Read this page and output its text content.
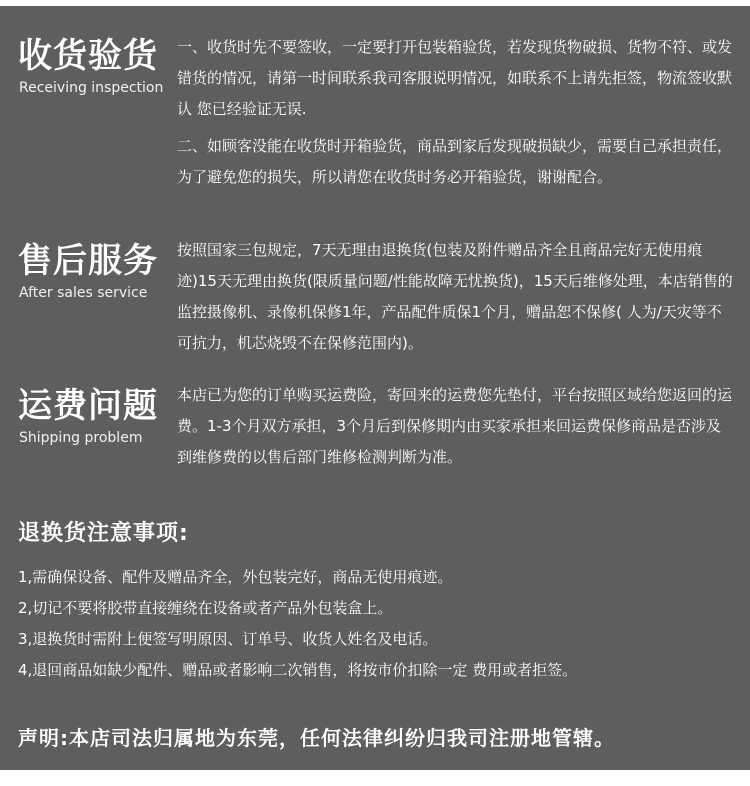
收货验货
Receiving inspection

一、收货时先不要签收，一定要打开包装箱验货，若发现货物破损、货物不符、或发错货的情况，请第一时间联系我司客服说明情况，如联系不上请先拒签，物流签收默认 您已经验证无误.

二、如顾客没能在收货时开箱验货，商品到家后发现破损缺少，需要自己承担责任，为了避免您的损失，所以请您在收货时务必开箱验货，谢谢配合。

售后服务
After sales service

按照国家三包规定，7天无理由退换货(包装及附件赠品齐全且商品完好无使用痕迹)15天无理由换货(限质量问题/性能故障无忧换货)，15天后维修处理，本店销售的监控摄像机、录像机保修1年，产品配件质保1个月，赠品恕不保修( 人为/天灾等不可抗力，机芯烧毁不在保修范围内)。

运费问题
Shipping problem

本店已为您的订单购买运费险，寄回来的运费您先垫付，平台按照区域给您返回的运费。1-3个月双方承担，3个月后到保修期内由买家承担来回运费保修商品是否涉及到维修费的以售后部门维修检测判断为准。

退换货注意事项:
1,需确保设备、配件及赠品齐全，外包装完好，商品无使用痕迹。
2,切记不要将胶带直接缠绕在设备或者产品外包装盒上。
3,退换货时需附上便签写明原因、订单号、收货人姓名及电话。
4,退回商品如缺少配件、赠品或者影响二次销售，将按市价扣除一定 费用或者拒签。
声明:本店司法归属地为东莞，任何法律纠纷归我司注册地管辖。
